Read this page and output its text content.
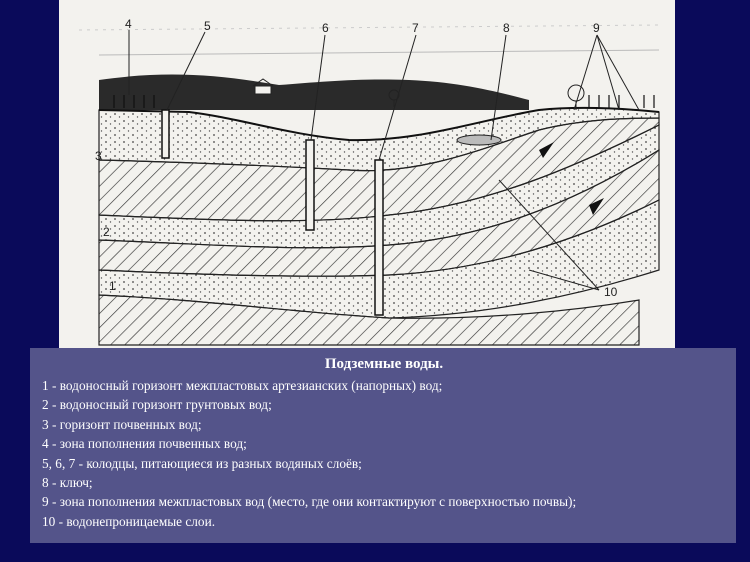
1
2
3
4	5	6	7	8	9
10
Подземные воды.
1 - водоносный горизонт межпластовых артезианских (напорных) вод;
2 - водоносный горизонт грунтовых вод;
3 - горизонт почвенных вод;
4 - зона пополнения почвенных вод;
5, 6, 7 - колодцы, питающиеся из разных водяных слоёв;
8 - ключ;
9 - зона пополнения межпластовых вод (место, где они контактируют с поверхностью почвы);
10 - водонепроницаемые слои.
